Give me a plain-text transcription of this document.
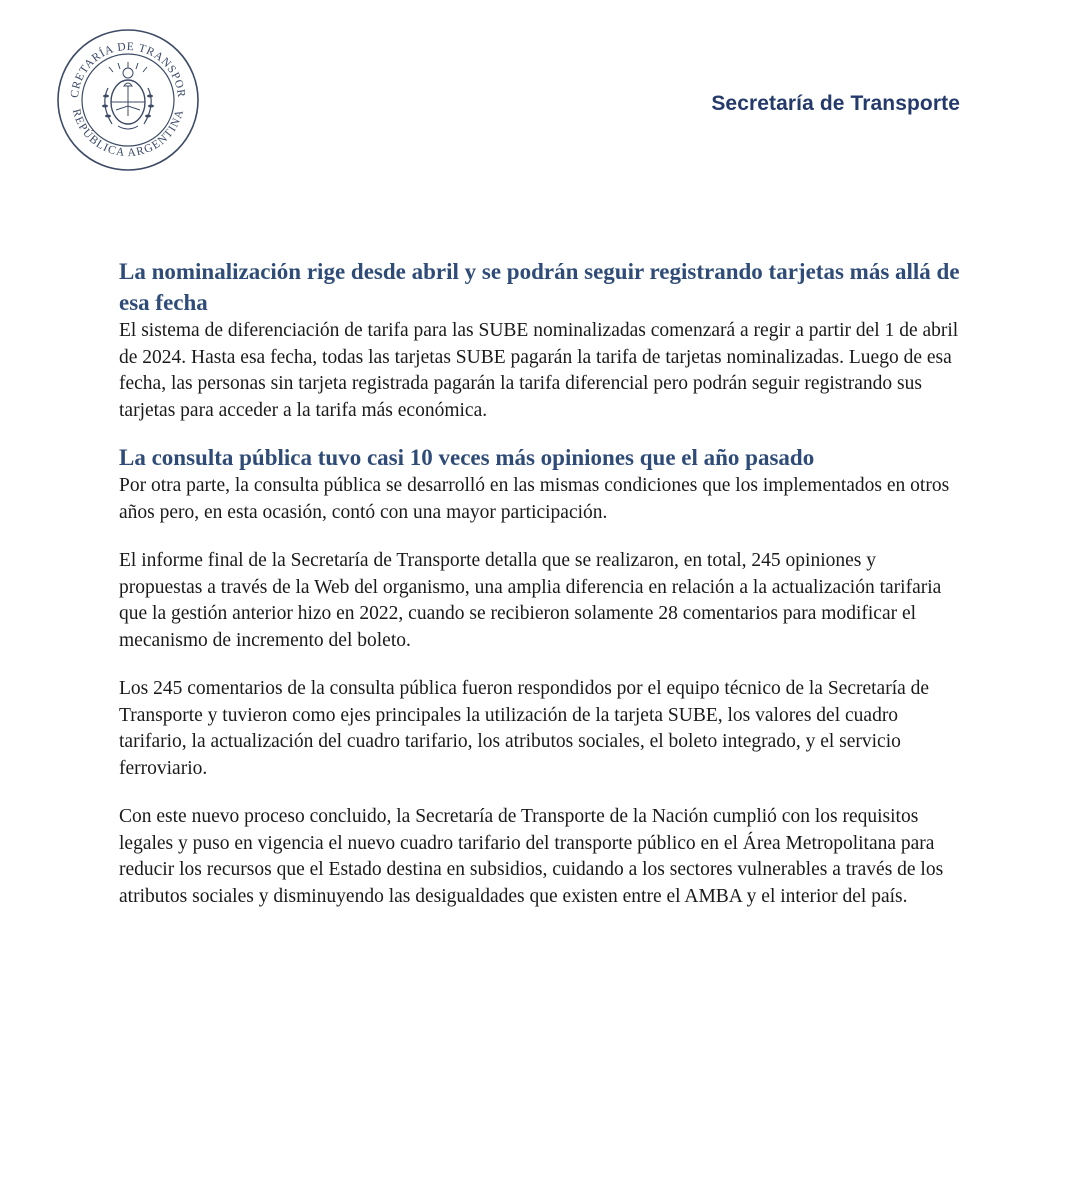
CRETARÍA DE TRANSPOR
REPÚBLICA ARGENTINA	Secretaría de Transporte
La nominalización rige desde abril y se podrán seguir registrando tarjetas más allá de esa fecha

El sistema de diferenciación de tarifa para las SUBE nominalizadas comenzará a regir a partir del 1 de abril de 2024. Hasta esa fecha, todas las tarjetas SUBE pagarán la tarifa de tarjetas nominalizadas. Luego de esa fecha, las personas sin tarjeta registrada pagarán la tarifa diferencial pero podrán seguir registrando sus tarjetas para acceder a la tarifa más económica.

La consulta pública tuvo casi 10 veces más opiniones que el año pasado

Por otra parte, la consulta pública se desarrolló en las mismas condiciones que los implementados en otros años pero, en esta ocasión, contó con una mayor participación.

El informe final de la Secretaría de Transporte detalla que se realizaron, en total, 245 opiniones y propuestas a través de la Web del organismo, una amplia diferencia en relación a la actualización tarifaria que la gestión anterior hizo en 2022, cuando se recibieron solamente 28 comentarios para modificar el mecanismo de incremento del boleto.

Los 245 comentarios de la consulta pública fueron respondidos por el equipo técnico de la Secretaría de Transporte y tuvieron como ejes principales la utilización de la tarjeta SUBE, los valores del cuadro tarifario, la actualización del cuadro tarifario, los atributos sociales, el boleto integrado, y el servicio ferroviario.

Con este nuevo proceso concluido, la Secretaría de Transporte de la Nación cumplió con los requisitos legales y puso en vigencia el nuevo cuadro tarifario del transporte público en el Área Metropolitana para reducir los recursos que el Estado destina en subsidios, cuidando a los sectores vulnerables a través de los atributos sociales y disminuyendo las desigualdades que existen entre el AMBA y el interior del país.
